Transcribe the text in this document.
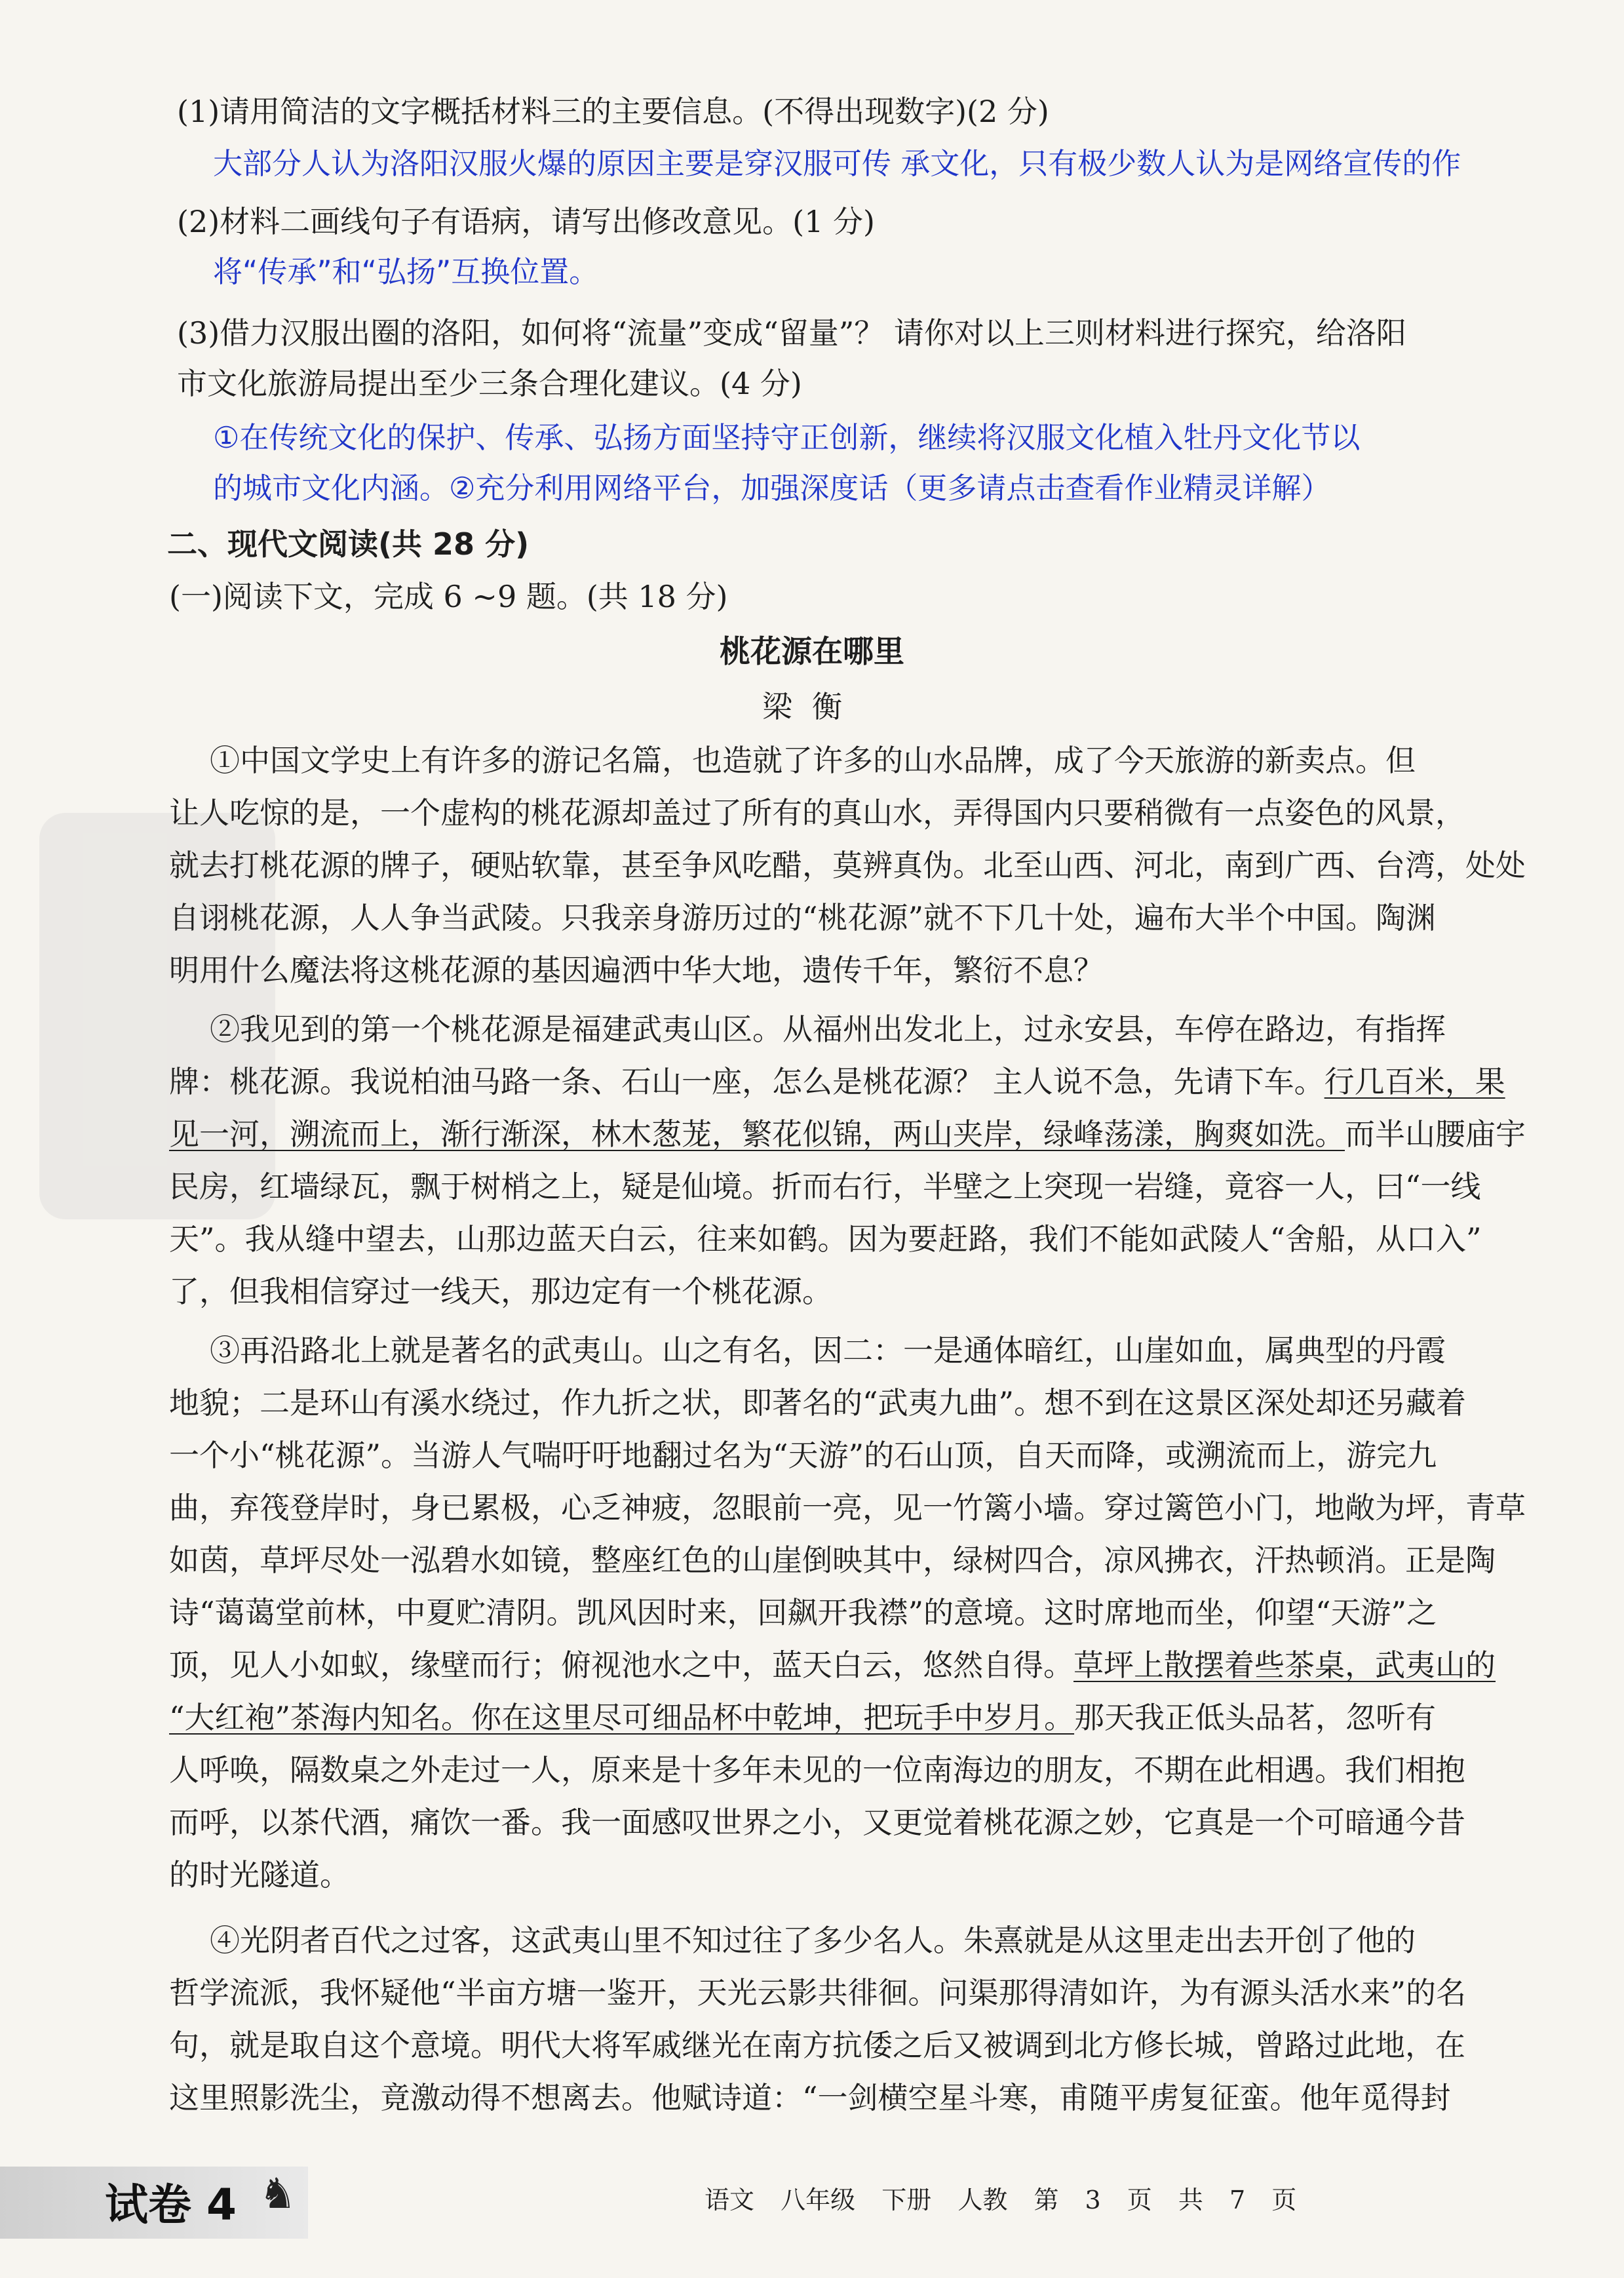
(1)请用简洁的文字概括材料三的主要信息。(不得出现数字)(2 分)
大部分人认为洛阳汉服火爆的原因主要是穿汉服可传 承文化，只有极少数人认为是网络宣传的作
(2)材料二画线句子有语病，请写出修改意见。(1 分)
将“传承”和“弘扬”互换位置。
(3)借力汉服出圈的洛阳，如何将“流量”变成“留量”？ 请你对以上三则材料进行探究，给洛阳
市文化旅游局提出至少三条合理化建议。(4 分)
①在传统文化的保护、传承、弘扬方面坚持守正创新，继续将汉服文化植入牡丹文化节以
的城市文化内涵。②充分利用网络平台，加强深度话（更多请点击查看作业精灵详解）
二、现代文阅读(共 28 分)
(一)阅读下文，完成 6 ~9 题。(共 18 分)
桃花源在哪里
梁衡
①中国文学史上有许多的游记名篇，也造就了许多的山水品牌，成了今天旅游的新卖点。但
让人吃惊的是，一个虚构的桃花源却盖过了所有的真山水，弄得国内只要稍微有一点姿色的风景，
就去打桃花源的牌子，硬贴软靠，甚至争风吃醋，莫辨真伪。北至山西、河北，南到广西、台湾，处处
自诩桃花源，人人争当武陵。只我亲身游历过的“桃花源”就不下几十处，遍布大半个中国。陶渊
明用什么魔法将这桃花源的基因遍洒中华大地，遗传千年，繁衍不息？
②我见到的第一个桃花源是福建武夷山区。从福州出发北上，过永安县，车停在路边，有指挥
牌：桃花源。我说柏油马路一条、石山一座，怎么是桃花源？ 主人说不急，先请下车。行几百米，果
见一河，溯流而上，渐行渐深，林木葱茏，繁花似锦，两山夹岸，绿峰荡漾，胸爽如洗。而半山腰庙宇
民房，红墙绿瓦，飘于树梢之上，疑是仙境。折而右行，半壁之上突现一岩缝，竟容一人，曰“一线
天”。我从缝中望去，山那边蓝天白云，往来如鹤。因为要赶路，我们不能如武陵人“舍船，从口入”
了，但我相信穿过一线天，那边定有一个桃花源。
③再沿路北上就是著名的武夷山。山之有名，因二：一是通体暗红，山崖如血，属典型的丹霞
地貌；二是环山有溪水绕过，作九折之状，即著名的“武夷九曲”。想不到在这景区深处却还另藏着
一个小“桃花源”。当游人气喘吁吁地翻过名为“天游”的石山顶，自天而降，或溯流而上，游完九
曲，弃筏登岸时，身已累极，心乏神疲，忽眼前一亮，见一竹篱小墙。穿过篱笆小门，地敞为坪，青草
如茵，草坪尽处一泓碧水如镜，整座红色的山崖倒映其中，绿树四合，凉风拂衣，汗热顿消。正是陶
诗“蔼蔼堂前林，中夏贮清阴。凯风因时来，回飙开我襟”的意境。这时席地而坐，仰望“天游”之
顶，见人小如蚁，缘壁而行；俯视池水之中，蓝天白云，悠然自得。草坪上散摆着些茶桌，武夷山的
“大红袍”茶海内知名。你在这里尽可细品杯中乾坤，把玩手中岁月。那天我正低头品茗，忽听有
人呼唤，隔数桌之外走过一人，原来是十多年未见的一位南海边的朋友，不期在此相遇。我们相抱
而呼，以茶代酒，痛饮一番。我一面感叹世界之小，又更觉着桃花源之妙，它真是一个可暗通今昔
的时光隧道。
④光阴者百代之过客，这武夷山里不知过往了多少名人。朱熹就是从这里走出去开创了他的
哲学流派，我怀疑他“半亩方塘一鉴开，天光云影共徘徊。问渠那得清如许，为有源头活水来”的名
句，就是取自这个意境。明代大将军戚继光在南方抗倭之后又被调到北方修长城，曾路过此地，在
这里照影洗尘，竟激动得不想离去。他赋诗道：“一剑横空星斗寒，甫随平虏复征蛮。他年觅得封
试卷 4 ♞	语文 八年级 下册 人教 第 3 页 共 7 页
